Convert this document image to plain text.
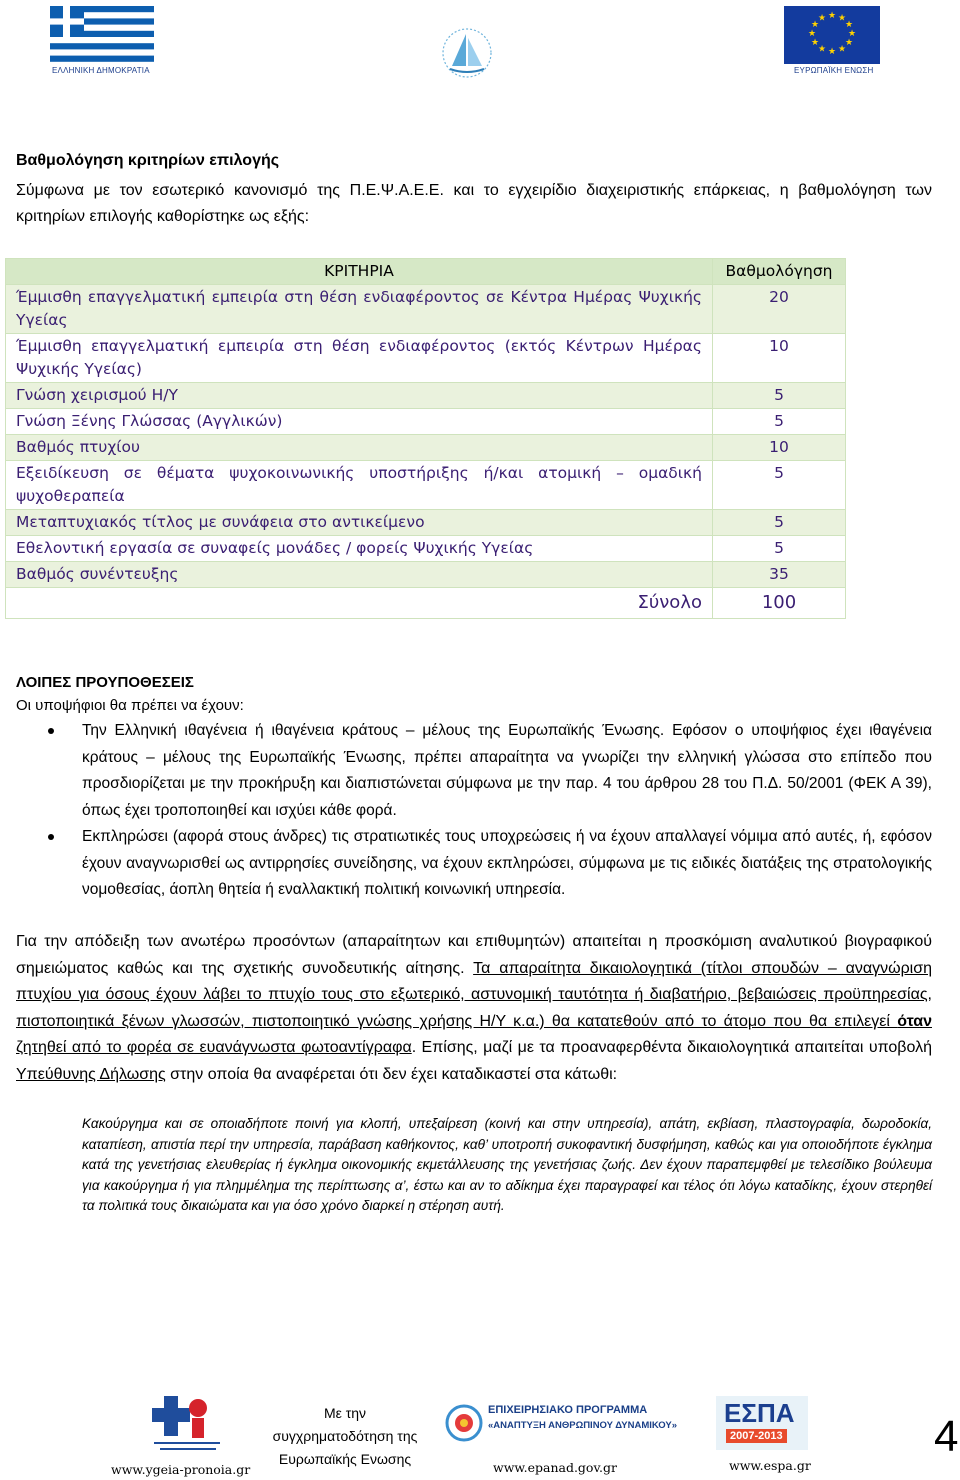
ΕΛΛΗΝΙΚΗ ΔΗΜΟΚΡΑΤΙΑ
★ ★
★
★
★
★
★
★
★
★
★
★
ΕΥΡΩΠΑΪΚΗ ΕΝΩΣΗ
Βαθμολόγηση κριτηρίων επιλογής
Σύμφωνα με τον εσωτερικό κανονισμό της Π.Ε.Ψ.Α.Ε.Ε. και το εγχειρίδιο διαχειριστικής επάρκειας, η βαθμολόγηση των κριτηρίων επιλογής καθορίστηκε ως εξής:
ΚΡΙΤΗΡΙΑ	Βαθμολόγηση
Έμμισθη επαγγελματική εμπειρία στη θέση ενδιαφέροντος σε Κέντρα Ημέρας Ψυχικής Υγείας	20
Έμμισθη επαγγελματική εμπειρία στη θέση ενδιαφέροντος (εκτός Κέντρων Ημέρας Ψυχικής Υγείας)	10
Γνώση χειρισμού Η/Υ	5
Γνώση Ξένης Γλώσσας (Αγγλικών)	5
Βαθμός πτυχίου	10
Εξειδίκευση σε θέματα ψυχοκοινωνικής υποστήριξης ή/και ατομική – ομαδική ψυχοθεραπεία	5
Μεταπτυχιακός τίτλος με συνάφεια στο αντικείμενο	5
Εθελοντική εργασία σε συναφείς μονάδες / φορείς Ψυχικής Υγείας	5
Βαθμός συνέντευξης	35
Σύνολο	100
ΛΟΙΠΕΣ ΠΡΟΥΠΟΘΕΣΕΙΣ
Οι υποψήφιοι θα πρέπει να έχουν:
Την Ελληνική ιθαγένεια ή ιθαγένεια κράτους – μέλους της Ευρωπαϊκής Ένωσης. Εφόσον ο υποψήφιος έχει ιθαγένεια κράτους – μέλους της Ευρωπαϊκής Ένωσης, πρέπει απαραίτητα να γνωρίζει την ελληνική γλώσσα στο επίπεδο που προσδιορίζεται με την προκήρυξη και διαπιστώνεται σύμφωνα με την παρ. 4 του άρθρου 28 του Π.Δ. 50/2001 (ΦΕΚ Α 39), όπως έχει τροποποιηθεί και ισχύει κάθε φορά.
Εκπληρώσει (αφορά στους άνδρες) τις στρατιωτικές τους υποχρεώσεις ή να έχουν απαλλαγεί νόμιμα από αυτές, ή, εφόσον έχουν αναγνωρισθεί ως αντιρρησίες συνείδησης, να έχουν εκπληρώσει, σύμφωνα με τις ειδικές διατάξεις της στρατολογικής νομοθεσίας, άοπλη θητεία ή εναλλακτική πολιτική κοινωνική υπηρεσία.
Για την απόδειξη των ανωτέρω προσόντων (απαραίτητων και επιθυμητών) απαιτείται η προσκόμιση αναλυτικού βιογραφικού σημειώματος καθώς και της σχετικής συνοδευτικής αίτησης. Τα απαραίτητα δικαιολογητικά (τίτλοι σπουδών – αναγνώριση πτυχίου για όσους έχουν λάβει το πτυχίο τους στο εξωτερικό, αστυνομική ταυτότητα ή διαβατήριο, βεβαιώσεις προϋπηρεσίας, πιστοποιητικά ξένων γλωσσών, πιστοποιητικό γνώσης χρήσης Η/Υ κ.α.) θα κατατεθούν από το άτομο που θα επιλεγεί όταν ζητηθεί από το φορέα σε ευανάγνωστα φωτοαντίγραφα. Επίσης, μαζί με τα προαναφερθέντα δικαιολογητικά απαιτείται υποβολή Υπεύθυνης Δήλωσης στην οποία θα αναφέρεται ότι δεν έχει καταδικαστεί στα κάτωθι:
Κακούργημα και σε οποιαδήποτε ποινή για κλοπή, υπεξαίρεση (κοινή και στην υπηρεσία), απάτη, εκβίαση, πλαστογραφία, δωροδοκία, καταπίεση, απιστία περί την υπηρεσία, παράβαση καθήκοντος, καθ’ υποτροπή συκοφαντική δυσφήμηση, καθώς και για οποιοδήποτε έγκλημα κατά της γενετήσιας ελευθερίας ή έγκλημα οικονομικής εκμετάλλευσης της γενετήσιας ζωής. Δεν έχουν παραπεμφθεί με τελεσίδικο βούλευμα για κακούργημα ή για πλημμέλημα της περίπτωσης α’, έστω και αν το αδίκημα έχει παραγραφεί και τέλος ότι λόγω καταδίκης, έχουν στερηθεί τα πολιτικά τους δικαιώματα και για όσο χρόνο διαρκεί η στέρηση αυτή.
www.ygeia-pronoia.gr
Με την
συγχρηματοδότηση της
Ευρωπαϊκής Ενωσης
ΕΠΙΧΕΙΡΗΣΙΑΚΟ ΠΡΟΓΡΑΜΜΑ
«ΑΝΑΠΤΥΞΗ ΑΝΘΡΩΠΙΝΟΥ ΔΥΝΑΜΙΚΟΥ»
www.epanad.gov.gr
ΕΣΠΑ
2007-2013
www.espa.gr
4
